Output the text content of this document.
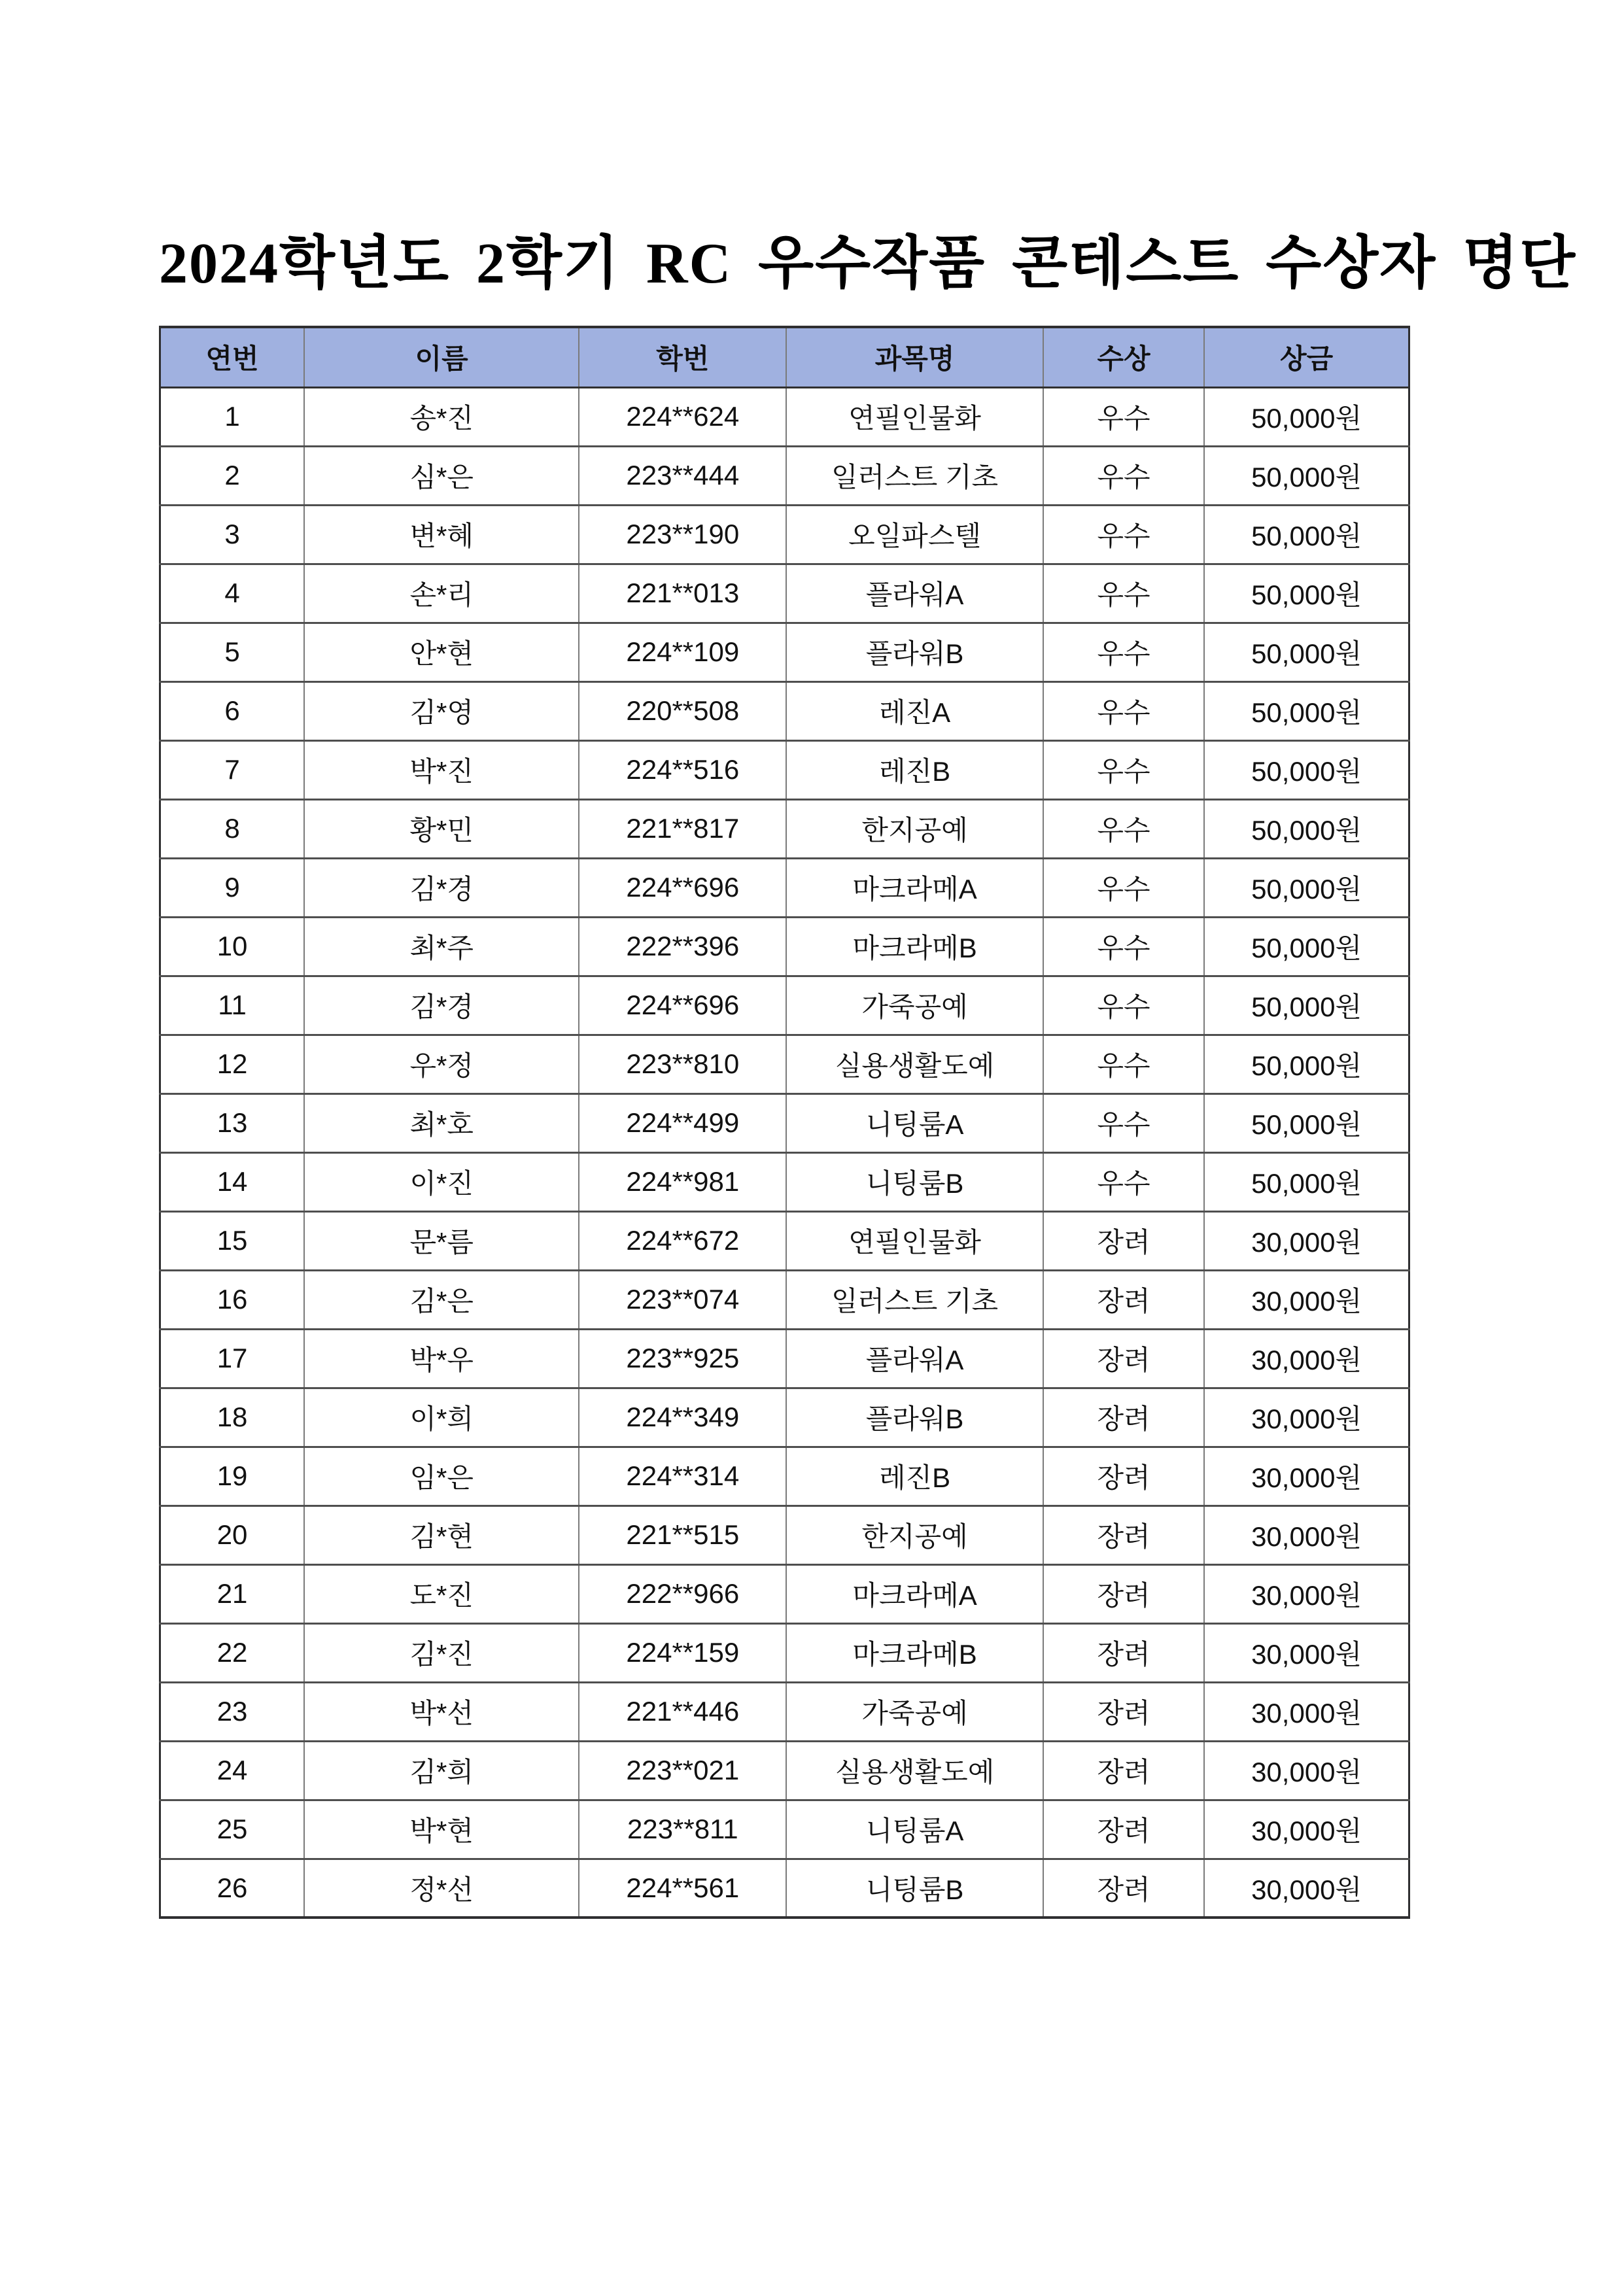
2024학년도 2학기 RC 우수작품 콘테스트 수상자 명단
연번	이름	학번	과목명	수상	상금
1	송*진	224**624	연필인물화	우수	50,000원
2	심*은	223**444	일러스트 기초	우수	50,000원
3	변*혜	223**190	오일파스텔	우수	50,000원
4	손*리	221**013	플라워A	우수	50,000원
5	안*현	224**109	플라워B	우수	50,000원
6	김*영	220**508	레진A	우수	50,000원
7	박*진	224**516	레진B	우수	50,000원
8	황*민	221**817	한지공예	우수	50,000원
9	김*경	224**696	마크라메A	우수	50,000원
10	최*주	222**396	마크라메B	우수	50,000원
11	김*경	224**696	가죽공예	우수	50,000원
12	우*정	223**810	실용생활도예	우수	50,000원
13	최*호	224**499	니팅룸A	우수	50,000원
14	이*진	224**981	니팅룸B	우수	50,000원
15	문*름	224**672	연필인물화	장려	30,000원
16	김*은	223**074	일러스트 기초	장려	30,000원
17	박*우	223**925	플라워A	장려	30,000원
18	이*희	224**349	플라워B	장려	30,000원
19	임*은	224**314	레진B	장려	30,000원
20	김*현	221**515	한지공예	장려	30,000원
21	도*진	222**966	마크라메A	장려	30,000원
22	김*진	224**159	마크라메B	장려	30,000원
23	박*선	221**446	가죽공예	장려	30,000원
24	김*희	223**021	실용생활도예	장려	30,000원
25	박*현	223**811	니팅룸A	장려	30,000원
26	정*선	224**561	니팅룸B	장려	30,000원
